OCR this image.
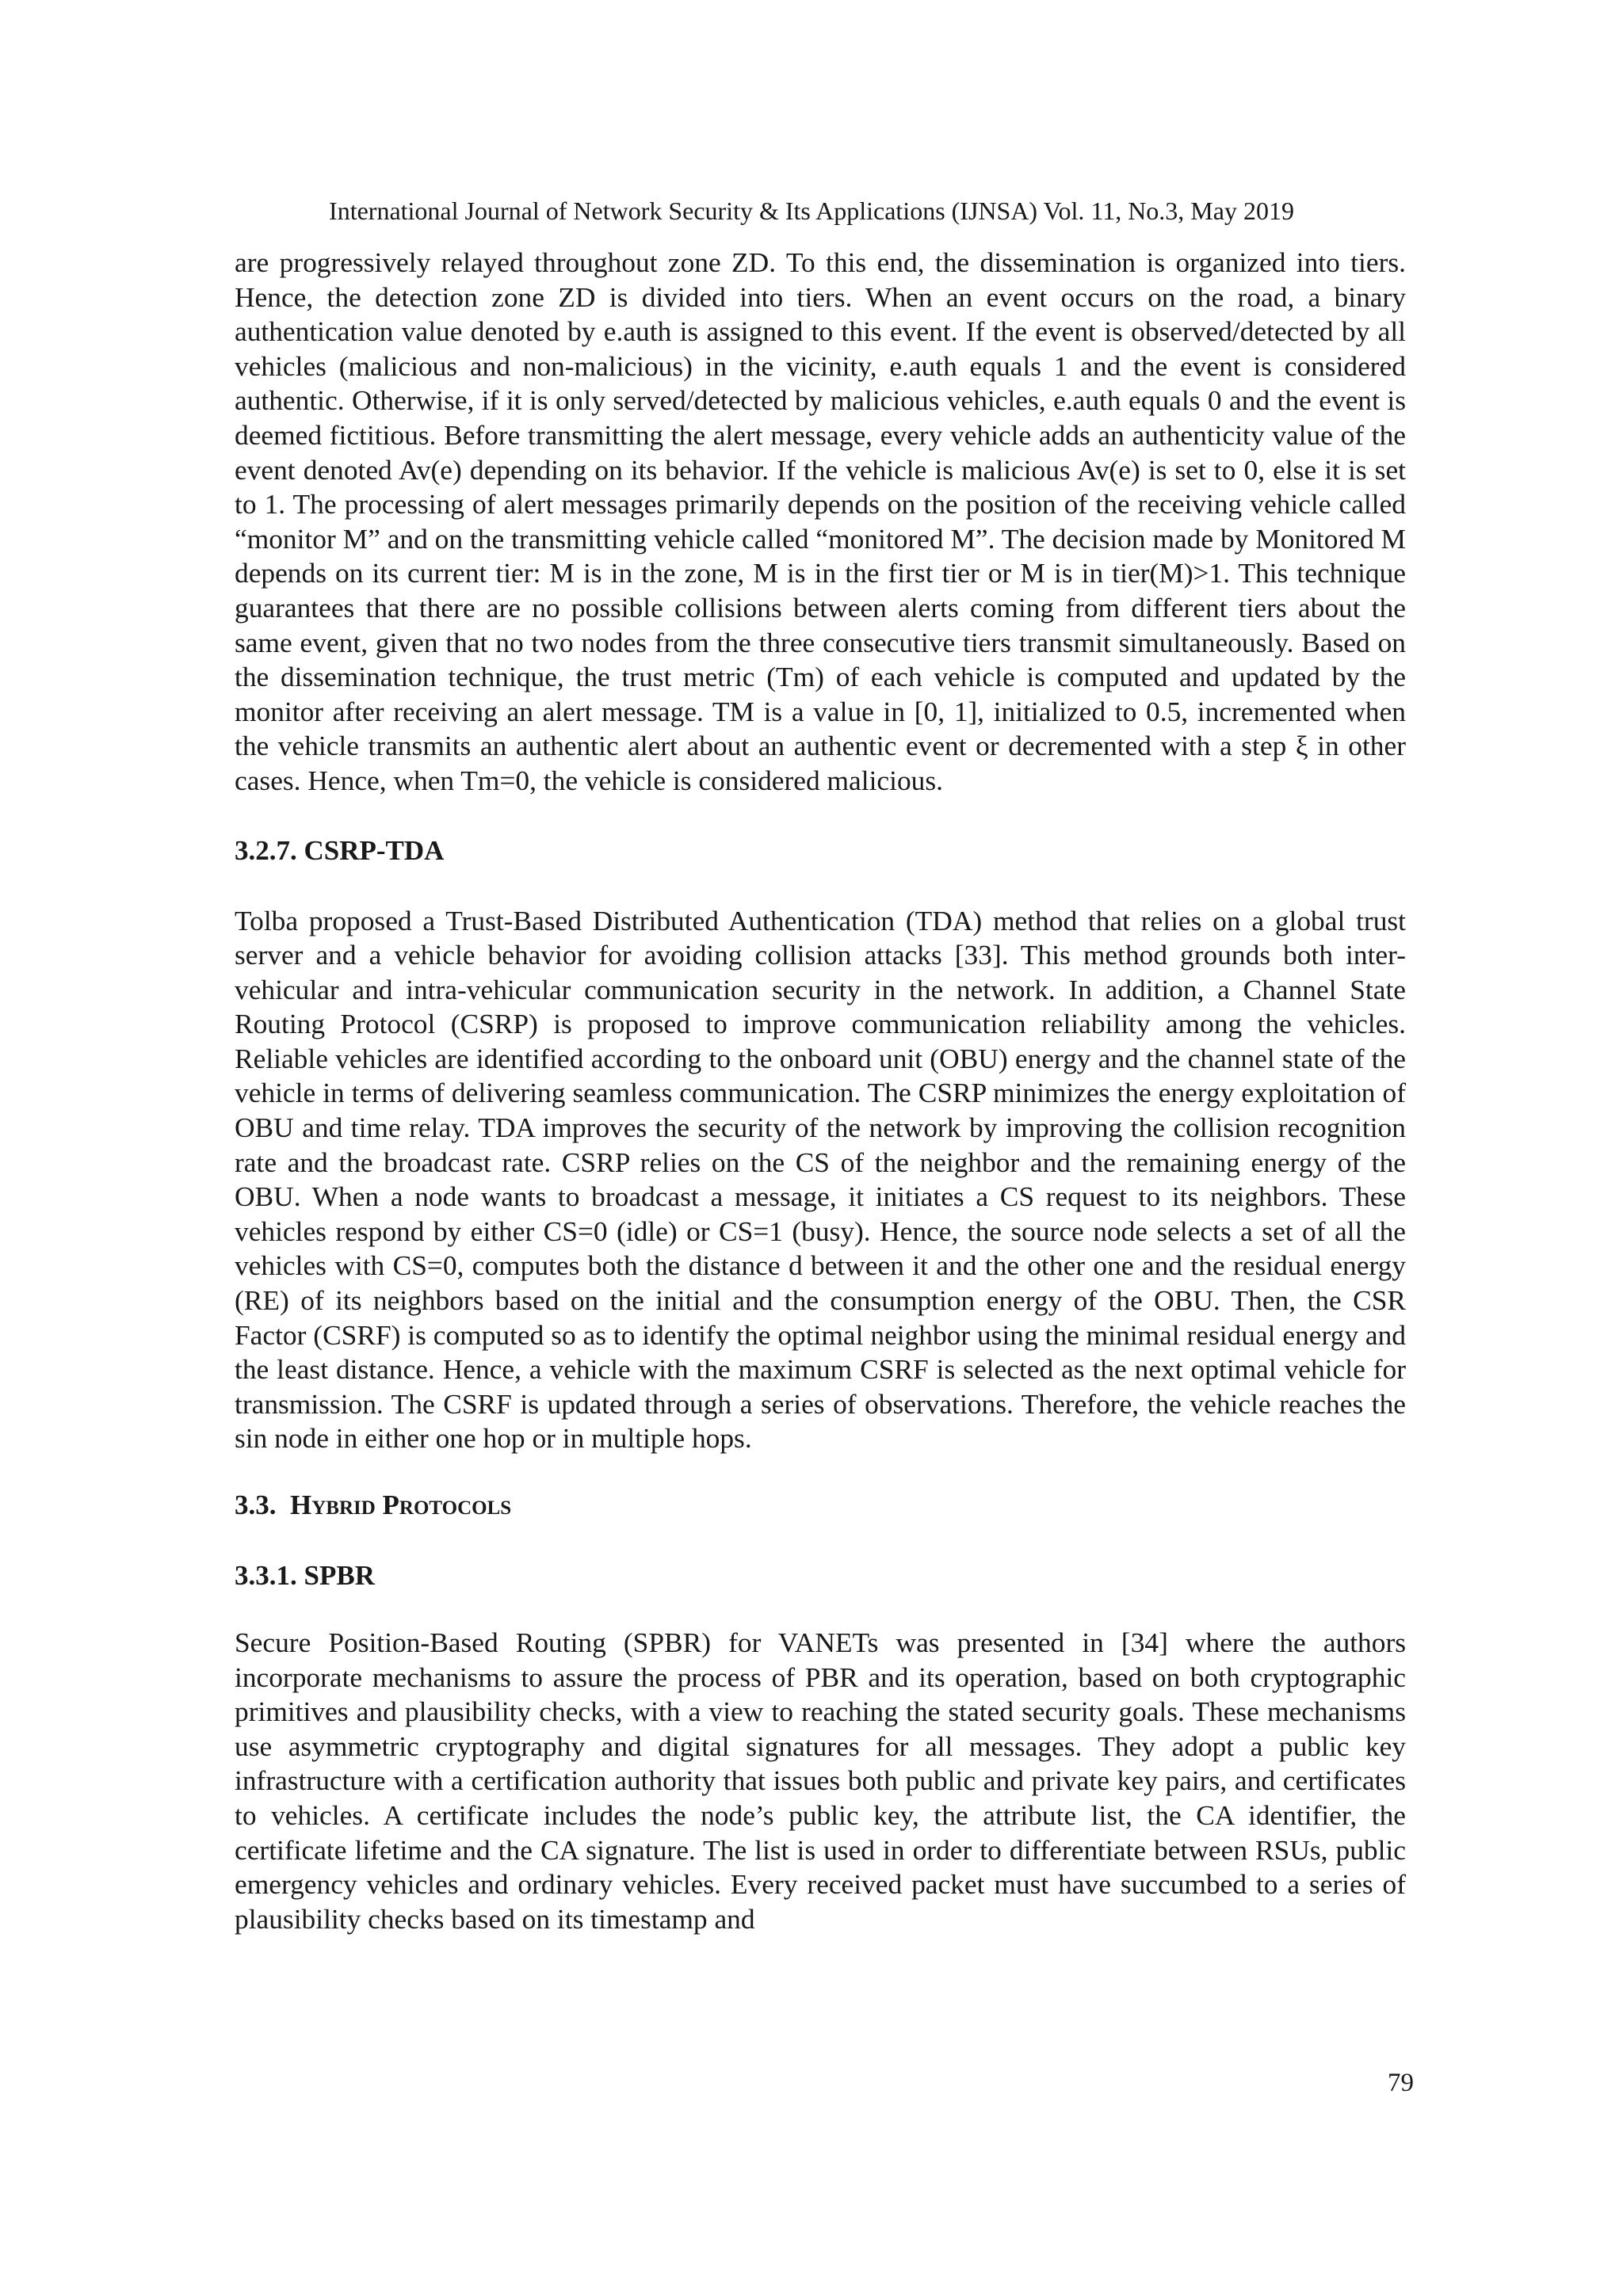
International Journal of Network Security & Its Applications (IJNSA) Vol. 11, No.3, May 2019

are progressively relayed throughout zone ZD. To this end, the dissemination is organized into tiers. Hence, the detection zone ZD is divided into tiers. When an event occurs on the road, a binary authentication value denoted by e.auth is assigned to this event. If the event is observed/detected by all vehicles (malicious and non-malicious) in the vicinity, e.auth equals 1 and the event is considered authentic. Otherwise, if it is only served/detected by malicious vehicles, e.auth equals 0 and the event is deemed fictitious. Before transmitting the alert message, every vehicle adds an authenticity value of the event denoted Av(e) depending on its behavior. If the vehicle is malicious Av(e) is set to 0, else it is set to 1. The processing of alert messages primarily depends on the position of the receiving vehicle called “monitor M” and on the transmitting vehicle called “monitored M”. The decision made by Monitored M depends on its current tier: M is in the zone, M is in the first tier or M is in tier(M)>1. This technique guarantees that there are no possible collisions between alerts coming from different tiers about the same event, given that no two nodes from the three consecutive tiers transmit simultaneously. Based on the dissemination technique, the trust metric (Tm) of each vehicle is computed and updated by the monitor after receiving an alert message. TM is a value in [0, 1], initialized to 0.5, incremented when the vehicle transmits an authentic alert about an authentic event or decremented with a step ξ in other cases. Hence, when Tm=0, the vehicle is considered malicious.

3.2.7. CSRP-TDA

Tolba proposed a Trust-Based Distributed Authentication (TDA) method that relies on a global trust server and a vehicle behavior for avoiding collision attacks [33]. This method grounds both inter-vehicular and intra-vehicular communication security in the network. In addition, a Channel State Routing Protocol (CSRP) is proposed to improve communication reliability among the vehicles. Reliable vehicles are identified according to the onboard unit (OBU) energy and the channel state of the vehicle in terms of delivering seamless communication. The CSRP minimizes the energy exploitation of OBU and time relay. TDA improves the security of the network by improving the collision recognition rate and the broadcast rate. CSRP relies on the CS of the neighbor and the remaining energy of the OBU. When a node wants to broadcast a message, it initiates a CS request to its neighbors. These vehicles respond by either CS=0 (idle) or CS=1 (busy). Hence, the source node selects a set of all the vehicles with CS=0, computes both the distance d between it and the other one and the residual energy (RE) of its neighbors based on the initial and the consumption energy of the OBU. Then, the CSR Factor (CSRF) is computed so as to identify the optimal neighbor using the minimal residual energy and the least distance. Hence, a vehicle with the maximum CSRF is selected as the next optimal vehicle for transmission. The CSRF is updated through a series of observations. Therefore, the vehicle reaches the sin node in either one hop or in multiple hops.

3.3. Hybrid Protocols
3.3.1. SPBR

Secure Position-Based Routing (SPBR) for VANETs was presented in [34] where the authors incorporate mechanisms to assure the process of PBR and its operation, based on both cryptographic primitives and plausibility checks, with a view to reaching the stated security goals. These mechanisms use asymmetric cryptography and digital signatures for all messages. They adopt a public key infrastructure with a certification authority that issues both public and private key pairs, and certificates to vehicles. A certificate includes the node’s public key, the attribute list, the CA identifier, the certificate lifetime and the CA signature. The list is used in order to differentiate between RSUs, public emergency vehicles and ordinary vehicles. Every received packet must have succumbed to a series of plausibility checks based on its timestamp and

79
